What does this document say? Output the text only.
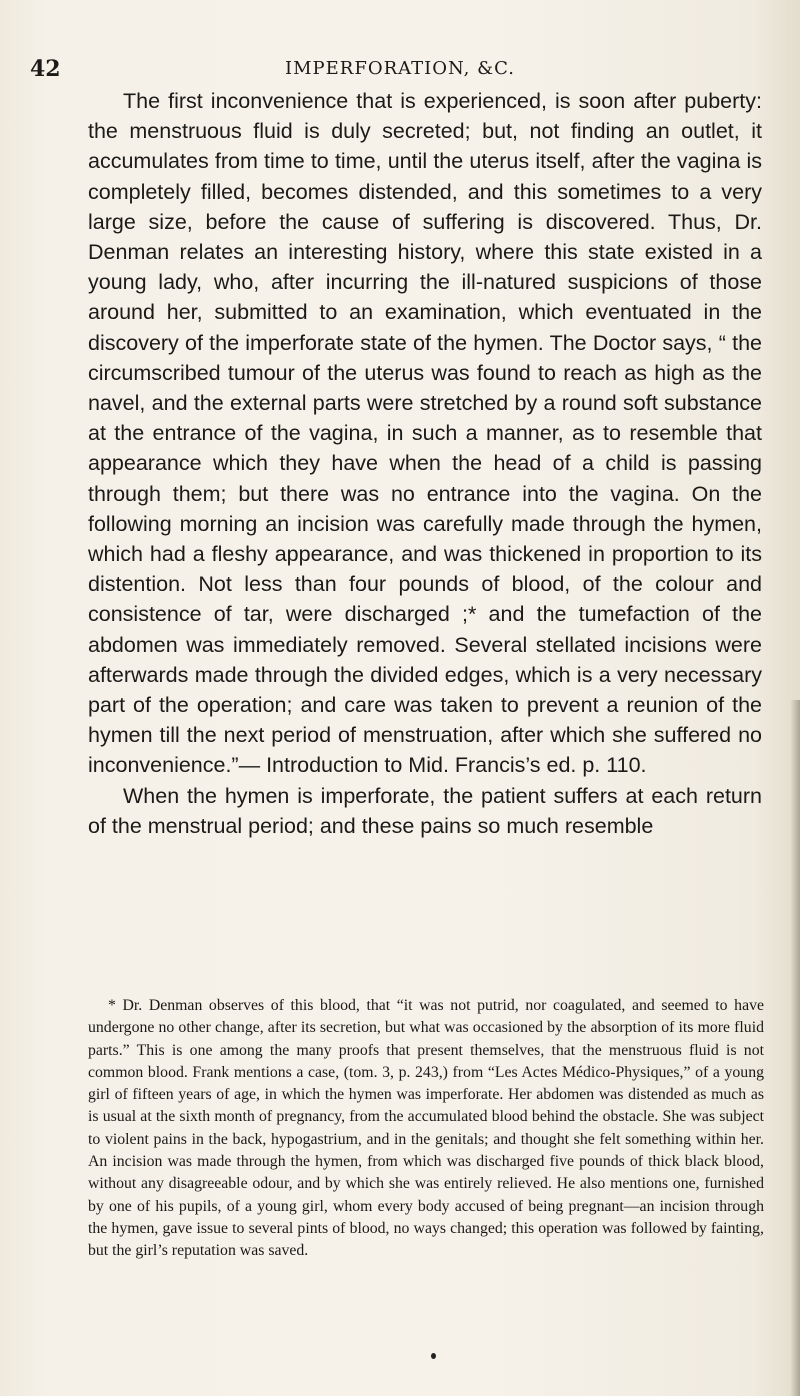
42	IMPERFORATION, &C.

The first inconvenience that is experienced, is soon after puberty: the menstruous fluid is duly secreted; but, not finding an outlet, it accumulates from time to time, until the uterus itself, after the vagina is completely filled, becomes distended, and this sometimes to a very large size, before the cause of suffering is discovered. Thus, Dr. Denman relates an interesting history, where this state existed in a young lady, who, after incurring the ill-natured suspicions of those around her, submitted to an examination, which eventuated in the discovery of the imperforate state of the hymen. The Doctor says, “ the circumscribed tumour of the uterus was found to reach as high as the navel, and the external parts were stretched by a round soft substance at the entrance of the vagina, in such a manner, as to resemble that appearance which they have when the head of a child is passing through them; but there was no entrance into the vagina. On the following morning an incision was carefully made through the hymen, which had a fleshy appearance, and was thickened in proportion to its distention. Not less than four pounds of blood, of the colour and consistence of tar, were discharged ;* and the tumefaction of the abdomen was immediately removed. Several stellated incisions were afterwards made through the divided edges, which is a very necessary part of the operation; and care was taken to prevent a reunion of the hymen till the next period of menstruation, after which she suffered no inconvenience.”— Introduction to Mid. Francis’s ed. p. 110.

When the hymen is imperforate, the patient suffers at each return of the menstrual period; and these pains so much resemble

* Dr. Denman observes of this blood, that “it was not putrid, nor coagulated, and seemed to have undergone no other change, after its secretion, but what was occasioned by the absorption of its more fluid parts.” This is one among the many proofs that present themselves, that the menstruous fluid is not common blood. Frank mentions a case, (tom. 3, p. 243,) from “Les Actes Médico-Physiques,” of a young girl of fifteen years of age, in which the hymen was imperforate. Her abdomen was distended as much as is usual at the sixth month of pregnancy, from the accumulated blood behind the obstacle. She was subject to violent pains in the back, hypogastrium, and in the genitals; and thought she felt something within her. An incision was made through the hymen, from which was discharged five pounds of thick black blood, without any disagreeable odour, and by which she was entirely relieved. He also mentions one, furnished by one of his pupils, of a young girl, whom every body accused of being pregnant—an incision through the hymen, gave issue to several pints of blood, no ways changed; this operation was followed by fainting, but the girl’s reputation was saved.
